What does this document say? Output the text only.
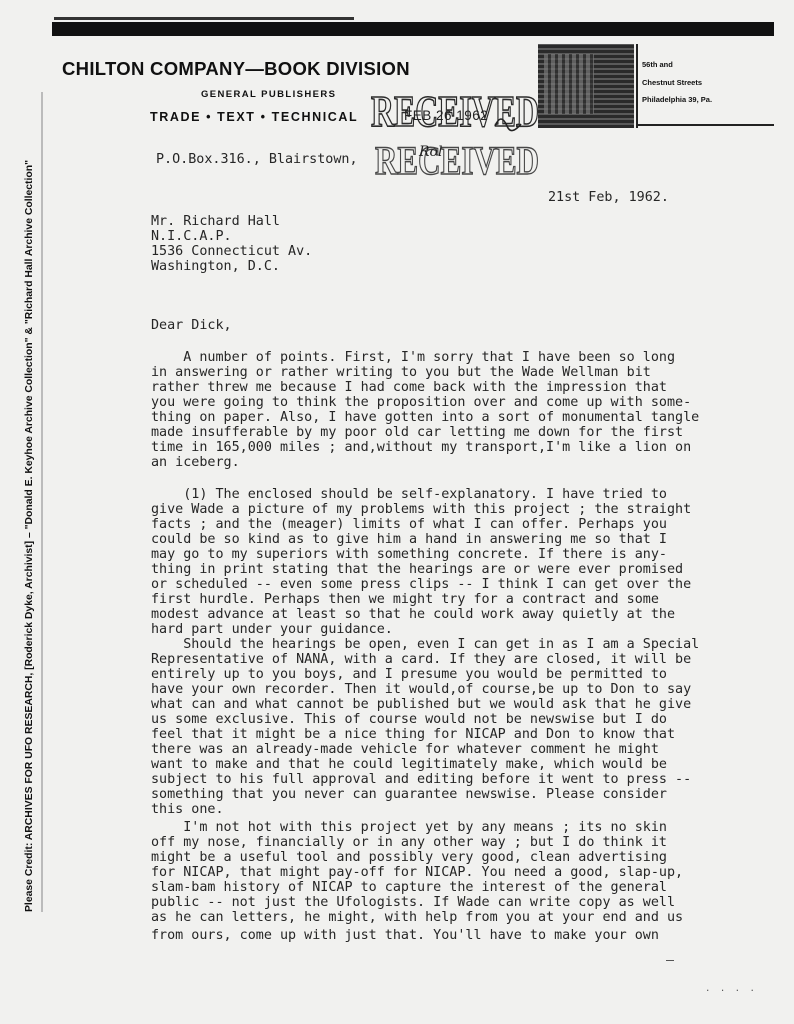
CHILTON COMPANY—BOOK DIVISION
GENERAL PUBLISHERS
TRADE • TEXT • TECHNICAL
56th and
Chestnut Streets
Philadelphia 39, Pa.
RECEIVED
RECEIVED
Rol
FEB 26 1962
Please Credit: ARCHIVES FOR UFO RESEARCH, [Roderick Dyke, Archivist] – "Donald E. Keyhoe Archive Collection" & "Richard Hall Archive Collection"
P.O.Box.316., Blairstown,
21st Feb, 1962.
Mr. Richard Hall
N.I.C.A.P.
1536 Connecticut Av.
Washington, D.C.
Dear Dick,
A number of points. First, I'm sorry that I have been so long
in answering or rather writing to you but the Wade Wellman bit
rather threw me because I had come back with the impression that
you were going to think the proposition over and come up with some-
thing on paper. Also, I have gotten into a sort of monumental tangle
made insufferable by my poor old car letting me down for the first
time in 165,000 miles ; and,without my transport,I'm like a lion on
an iceberg.
(1) The enclosed should be self-explanatory. I have tried to
give Wade a picture of my problems with this project ; the straight
facts ; and the (meager) limits of what I can offer. Perhaps you
could be so kind as to give him a hand in answering me so that I
may go to my superiors with something concrete. If there is any-
thing in print stating that the hearings are or were ever promised
or scheduled -- even some press clips -- I think I can get over the
first hurdle. Perhaps then we might try for a contract and some
modest advance at least so that he could work away quietly at the
hard part under your guidance.
Should the hearings be open, even I can get in as I am a Special
Representative of NANA, with a card. If they are closed, it will be
entirely up to you boys, and I presume you would be permitted to
have your own recorder. Then it would,of course,be up to Don to say
what can and what cannot be published but we would ask that he give
us some exclusive. This of course would not be newswise but I do
feel that it might be a nice thing for NICAP and Don to know that
there was an already-made vehicle for whatever comment he might
want to make and that he could legitimately make, which would be
subject to his full approval and editing before it went to press --
something that you never can guarantee newswise. Please consider
this one.
I'm not hot with this project yet by any means ; its no skin
off my nose, financially or in any other way ; but I do think it
might be a useful tool and possibly very good, clean advertising
for NICAP, that might pay-off for NICAP. You need a good, slap-up,
slam-bam history of NICAP to capture the interest of the general
public -- not just the Ufologists. If Wade can write copy as well
as he can letters, he might, with help from you at your end and us
from ours, come up with just that. You'll have to make your own
. . . .
